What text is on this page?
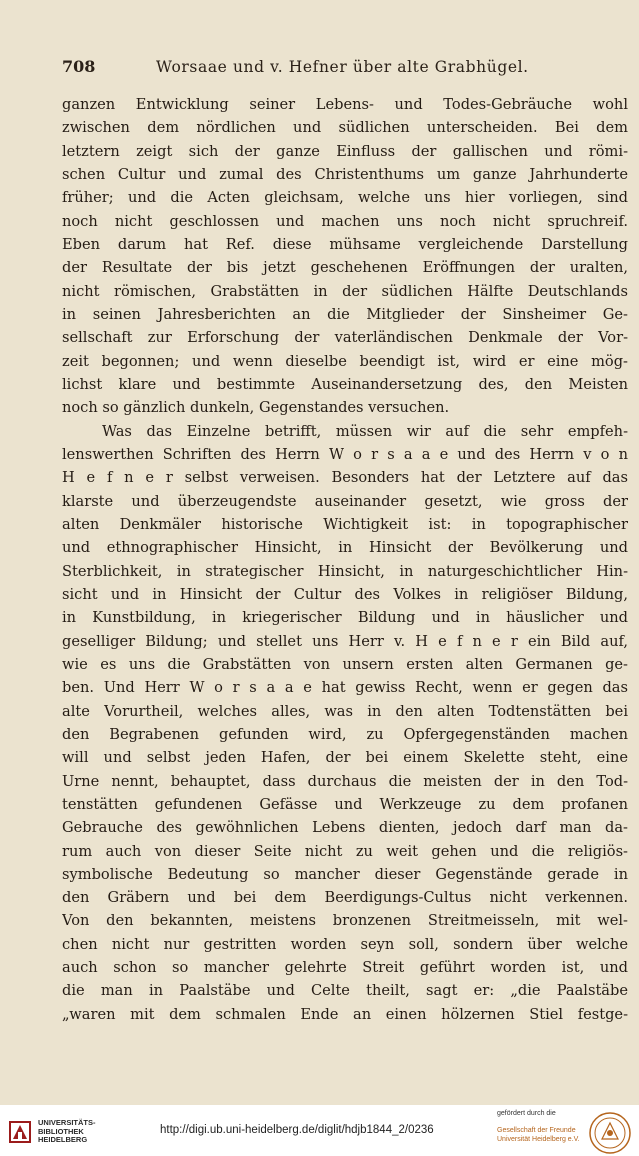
708	Worsaae und v. Hefner über alte Grabhügel.
ganzen Entwicklung seiner Lebens- und Todes-Gebräuche wohl
zwischen dem nördlichen und südlichen unterscheiden. Bei dem
letztern zeigt sich der ganze Einfluss der gallischen und römi-
schen Cultur und zumal des Christenthums um ganze Jahrhunderte
früher; und die Acten gleichsam, welche uns hier vorliegen, sind
noch nicht geschlossen und machen uns noch nicht spruchreif.
Eben darum hat Ref. diese mühsame vergleichende Darstellung
der Resultate der bis jetzt geschehenen Eröffnungen der uralten,
nicht römischen, Grabstätten in der südlichen Hälfte Deutschlands
in seinen Jahresberichten an die Mitglieder der Sinsheimer Ge-
sellschaft zur Erforschung der vaterländischen Denkmale der Vor-
zeit begonnen; und wenn dieselbe beendigt ist, wird er eine mög-
lichst klare und bestimmte Auseinandersetzung des, den Meisten
noch so gänzlich dunkeln, Gegenstandes versuchen.
Was das Einzelne betrifft, müssen wir auf die sehr empfeh-
lenswerthen Schriften des Herrn W o r s a a e und des Herrn v o n
H e f n e r selbst verweisen. Besonders hat der Letztere auf das
klarste und überzeugendste auseinander gesetzt, wie gross der
alten Denkmäler historische Wichtigkeit ist: in topographischer
und ethnographischer Hinsicht, in Hinsicht der Bevölkerung und
Sterblichkeit, in strategischer Hinsicht, in naturgeschichtlicher Hin-
sicht und in Hinsicht der Cultur des Volkes in religiöser Bildung,
in Kunstbildung, in kriegerischer Bildung und in häuslicher und
geselliger Bildung; und stellet uns Herr v. H e f n e r ein Bild auf,
wie es uns die Grabstätten von unsern ersten alten Germanen ge-
ben. Und Herr W o r s a a e hat gewiss Recht, wenn er gegen das
alte Vorurtheil, welches alles, was in den alten Todtenstätten bei
den Begrabenen gefunden wird, zu Opfergegenständen machen
will und selbst jeden Hafen, der bei einem Skelette steht, eine
Urne nennt, behauptet, dass durchaus die meisten der in den Tod-
tenstätten gefundenen Gefässe und Werkzeuge zu dem profanen
Gebrauche des gewöhnlichen Lebens dienten, jedoch darf man da-
rum auch von dieser Seite nicht zu weit gehen und die religiös-
symbolische Bedeutung so mancher dieser Gegenstände gerade in
den Gräbern und bei dem Beerdigungs-Cultus nicht verkennen.
Von den bekannten, meistens bronzenen Streitmeisseln, mit wel-
chen nicht nur gestritten worden seyn soll, sondern über welche
auch schon so mancher gelehrte Streit geführt worden ist, und
die man in Paalstäbe und Celte theilt, sagt er: „die Paalstäbe
„waren mit dem schmalen Ende an einen hölzernen Stiel festge-
UNIVERSITÄTS-
BIBLIOTHEK
HEIDELBERG
http://digi.ub.uni-heidelberg.de/diglit/hdjb1844_2/0236
gefördert durch die
Gesellschaft der Freunde
Universität Heidelberg e.V.
